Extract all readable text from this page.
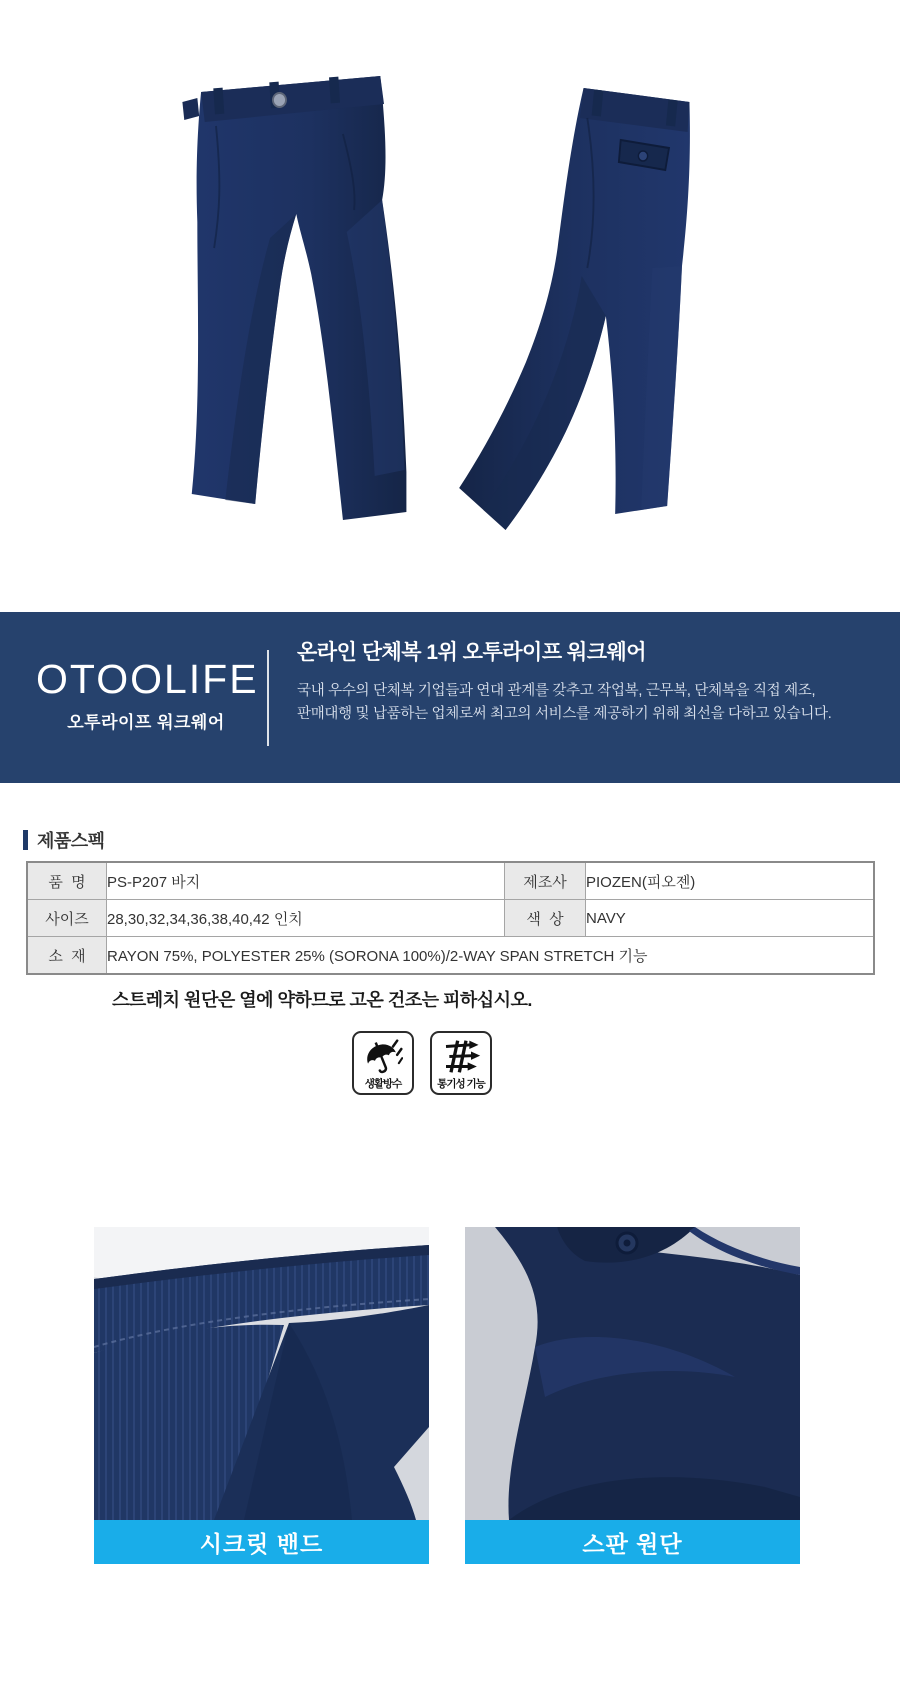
OTOOLIFE
오투라이프 워크웨어
온라인 단체복 1위 오투라이프 워크웨어
국내 우수의 단체복 기업들과 연대 관계를 갖추고 작업복, 근무복, 단체복을 직접 제조,
판매대행 및 납품하는 업체로써 최고의 서비스를 제공하기 위해 최선을 다하고 있습니다.
제품스펙
품  명	PS-P207 바지	제조사	PIOZEN(피오젠)
사이즈	28,30,32,34,36,38,40,42 인치	색  상	NAVY
소  재	RAYON 75%, POLYESTER 25% (SORONA 100%)/2-WAY SPAN STRETCH 기능		
스트레치 원단은 열에 약하므로 고온 건조는 피하십시오.
생활방수	통기성 기능
시크릿 밴드	스판 원단
